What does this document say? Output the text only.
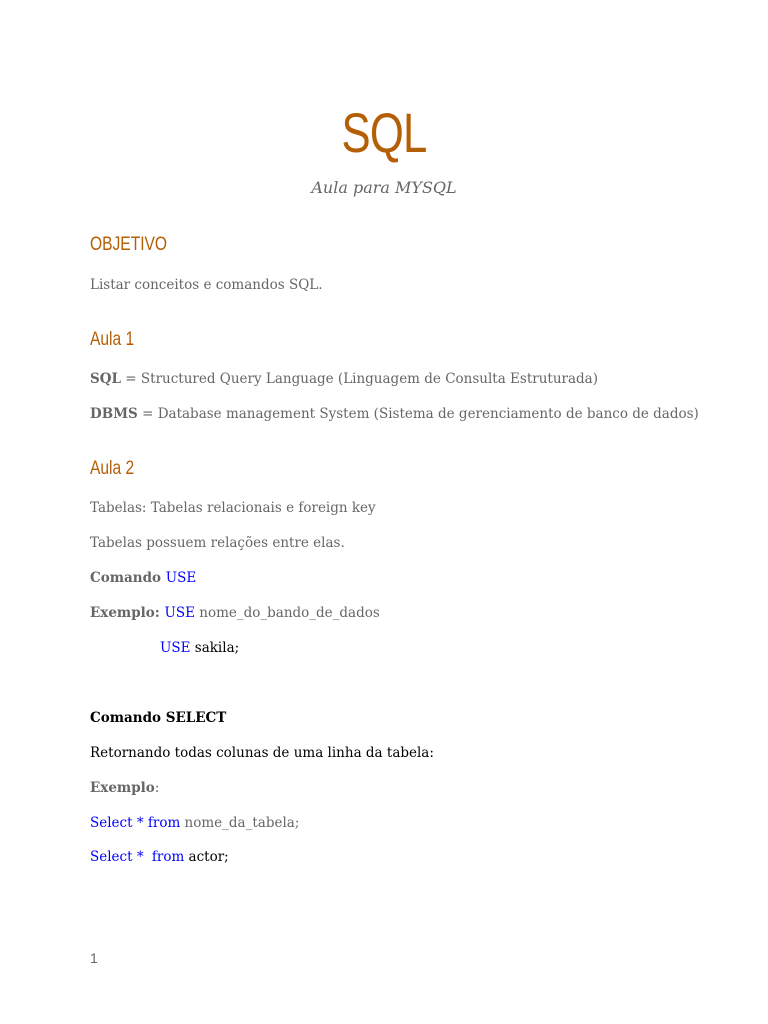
SQL
Aula para MYSQL
OBJETIVO
Listar conceitos e comandos SQL.
Aula 1
SQL = Structured Query Language (Linguagem de Consulta Estruturada)
DBMS = Database management System (Sistema de gerenciamento de banco de dados)
Aula 2
Tabelas: Tabelas relacionais e foreign key
Tabelas possuem relações entre elas.
Comando USE
Exemplo: USE nome_do_bando_de_dados
USE sakila;
Comando SELECT
Retornando todas colunas de uma linha da tabela:
Exemplo:
Select * from nome_da_tabela;
Select * from actor;
1
